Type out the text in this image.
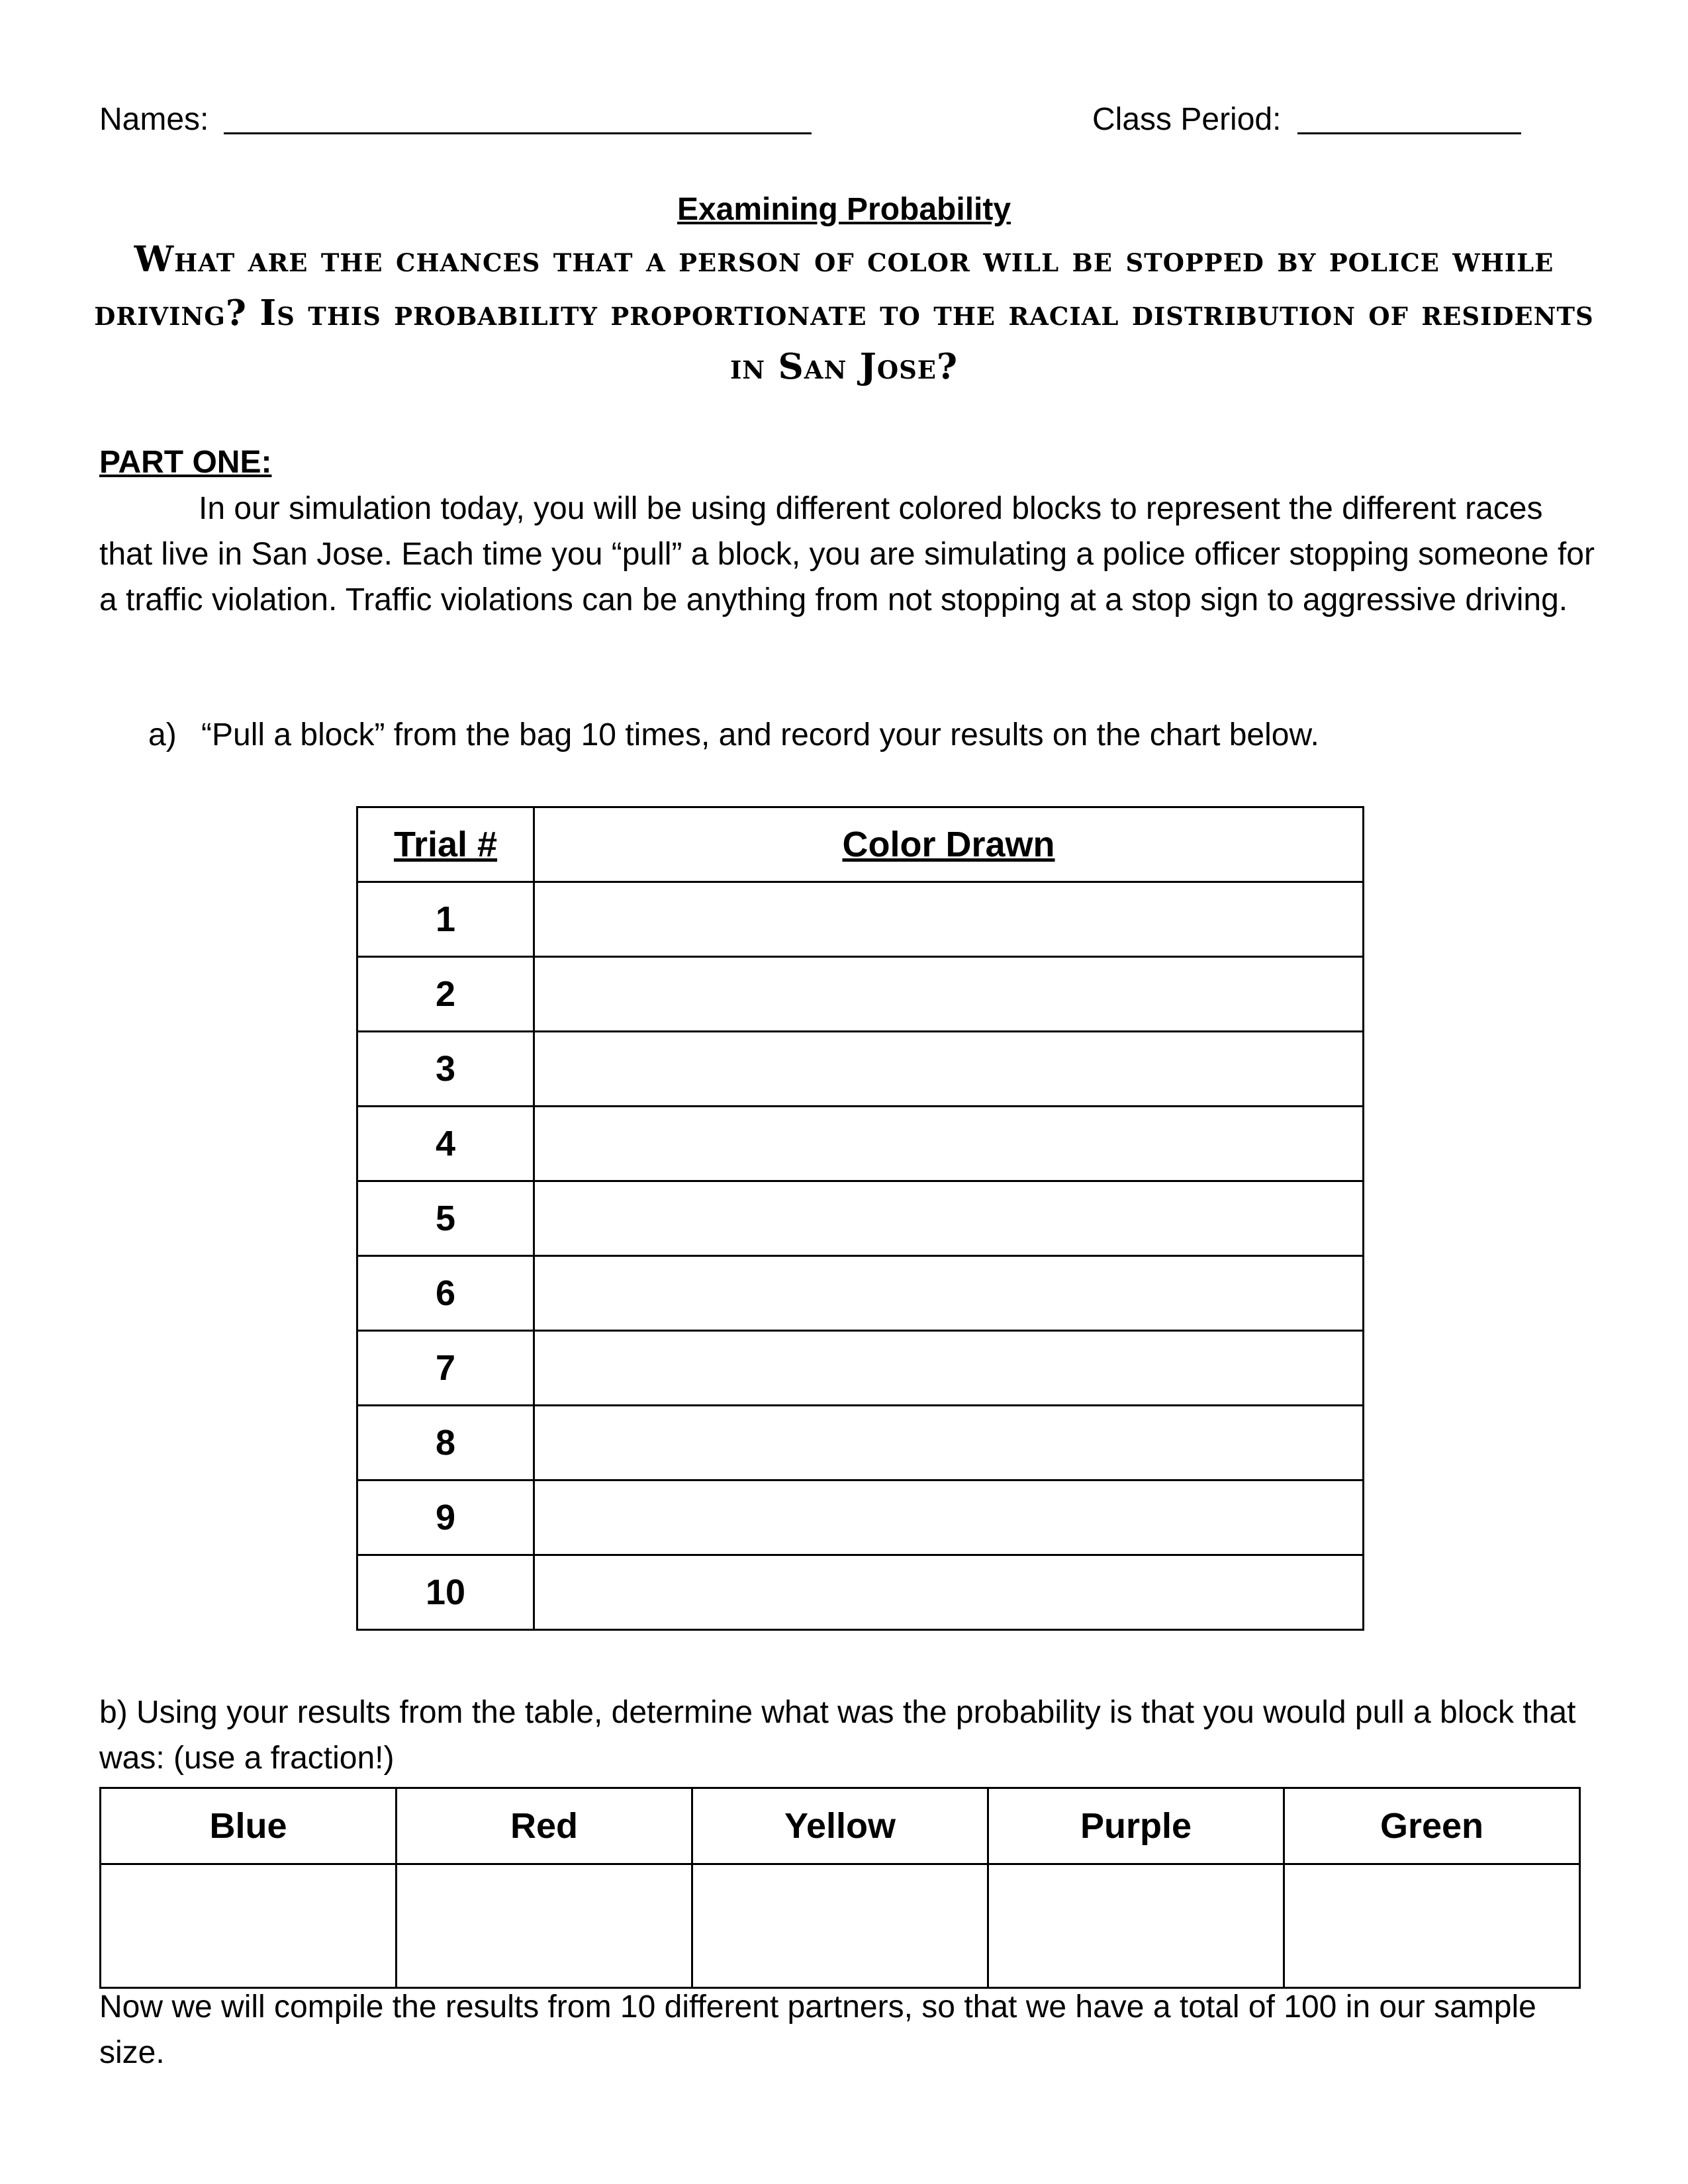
Names:	Class Period:
Examining Probability
What are the chances that a person of color will be stopped by police while driving? Is this probability proportionate to the racial distribution of residents in San Jose?
PART ONE:
In our simulation today, you will be using different colored blocks to represent the different races that live in San Jose. Each time you “pull” a block, you are simulating a police officer stopping someone for a traffic violation. Traffic violations can be anything from not stopping at a stop sign to aggressive driving.
a) “Pull a block” from the bag 10 times, and record your results on the chart below.
Trial #	Color Drawn
1	
2	
3	
4	
5	
6	
7	
8	
9	
10	
b) Using your results from the table, determine what was the probability is that you would pull a block that was: (use a fraction!)
Blue	Red	Yellow	Purple	Green

Now we will compile the results from 10 different partners, so that we have a total of 100 in our sample size.
